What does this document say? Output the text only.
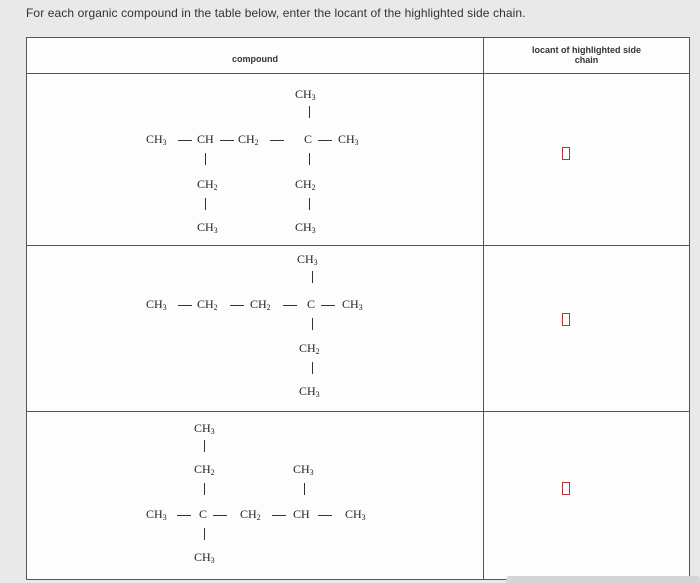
For each organic compound in the table below, enter the locant of the highlighted side chain.
compound
locant of highlighted side
chain
$CH_3$
$CH_3$	CH $CH_2$	C $CH_3$
$CH_2$	$CH_2$
$CH_3$	$CH_3$
$CH_3$
$CH_3$	$CH_2$	$CH_2$	C $CH_3$
$CH_2$
$CH_3$
$CH_3$
$CH_2$	$CH_3$
$CH_3$	C	$CH_2$	CH	$CH_3$
$CH_3$
